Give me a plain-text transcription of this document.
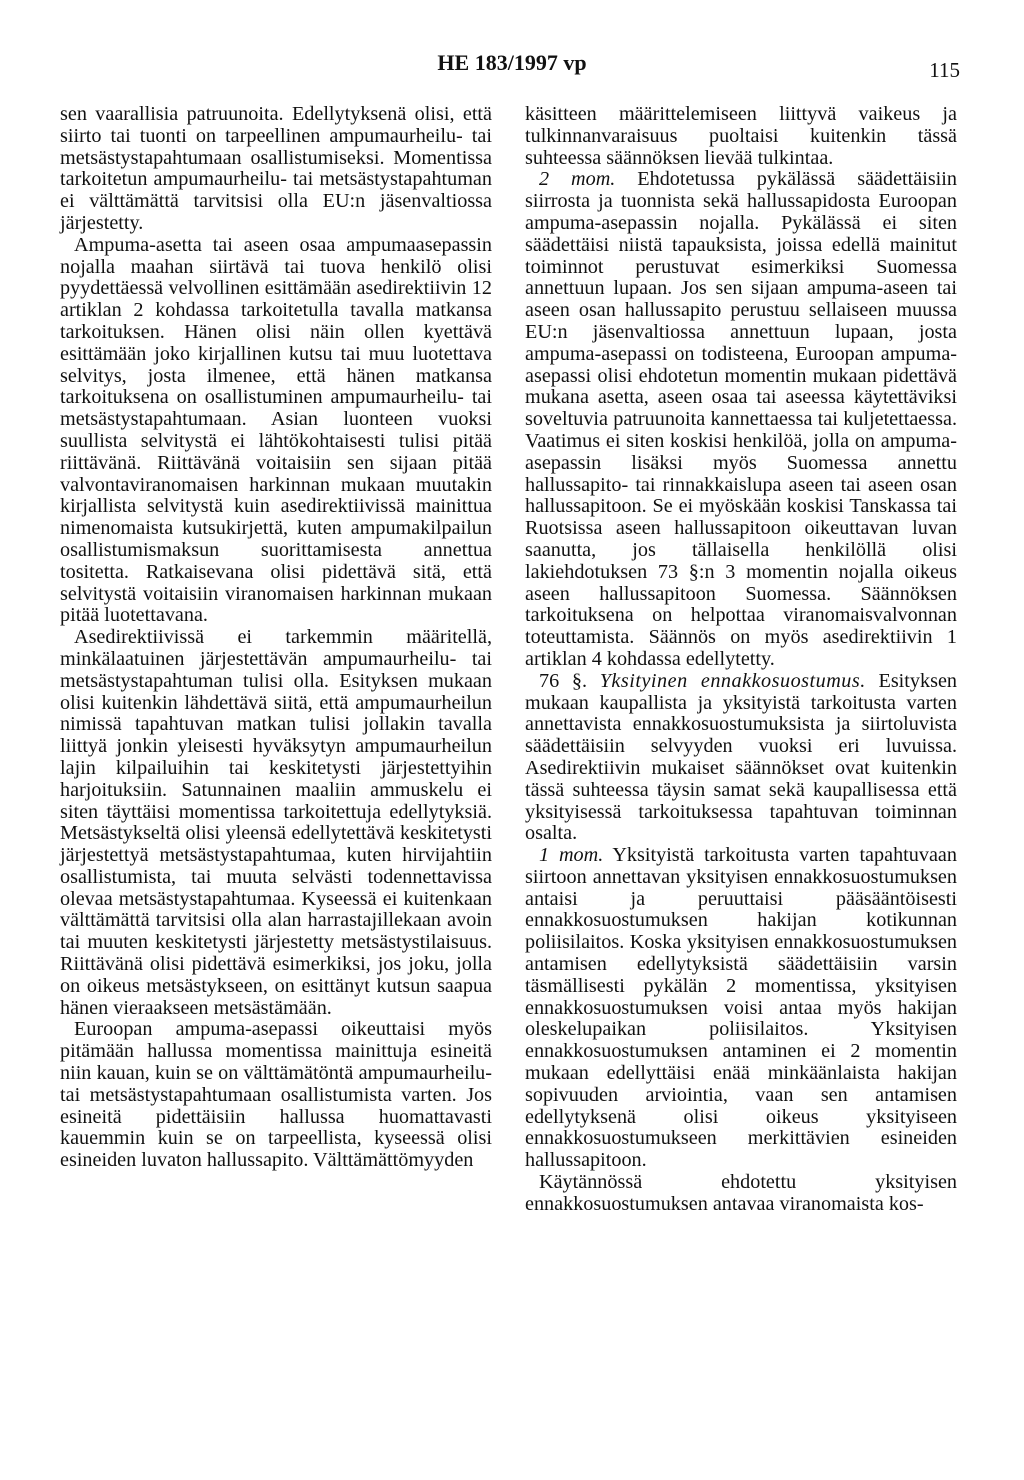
HE 183/1997 vp	115

sen vaarallisia patruunoita. Edellytyksenä olisi, että siirto tai tuonti on tarpeellinen ampumaurheilu- tai metsästystapahtumaan osallistumiseksi. Momentissa tarkoitetun ampumaurheilu- tai metsästystapahtuman ei välttämättä tarvitsisi olla EU:n jäsenvaltiossa järjestetty.

Ampuma-asetta tai aseen osaa ampumaasepassin nojalla maahan siirtävä tai tuova henkilö olisi pyydettäessä velvollinen esittämään asedirektiivin 12 artiklan 2 kohdassa tarkoitetulla tavalla matkansa tarkoituksen. Hänen olisi näin ollen kyettävä esittämään joko kirjallinen kutsu tai muu luotettava selvitys, josta ilmenee, että hänen matkansa tarkoituksena on osallistuminen ampumaurheilu- tai metsästystapahtumaan. Asian luonteen vuoksi suullista selvitystä ei lähtökohtaisesti tulisi pitää riittävänä. Riittävänä voitaisiin sen sijaan pitää valvontaviranomaisen harkinnan mukaan muutakin kirjallista selvitystä kuin asedirektiivissä mainittua nimenomaista kutsukirjettä, kuten ampumakilpailun osallistumismaksun suorittamisesta annettua tositetta. Ratkaisevana olisi pidettävä sitä, että selvitystä voitaisiin viranomaisen harkinnan mukaan pitää luotettavana.

Asedirektiivissä ei tarkemmin määritellä, minkälaatuinen järjestettävän ampumaurheilu- tai metsästystapahtuman tulisi olla. Esityksen mukaan olisi kuitenkin lähdettävä siitä, että ampumaurheilun nimissä tapahtuvan matkan tulisi jollakin tavalla liittyä jonkin yleisesti hyväksytyn ampumaurheilun lajin kilpailuihin tai keskitetysti järjestettyihin harjoituksiin. Satunnainen maaliin ammuskelu ei siten täyttäisi momentissa tarkoitettuja edellytyksiä. Metsästykseltä olisi yleensä edellytettävä keskitetysti järjestettyä metsästystapahtumaa, kuten hirvijahtiin osallistumista, tai muuta selvästi todennettavissa olevaa metsästystapahtumaa. Kyseessä ei kuitenkaan välttämättä tarvitsisi olla alan harrastajillekaan avoin tai muuten keskitetysti järjestetty metsästystilaisuus. Riittävänä olisi pidettävä esimerkiksi, jos joku, jolla on oikeus metsästykseen, on esittänyt kutsun saapua hänen vieraakseen metsästämään.

Euroopan ampuma-asepassi oikeuttaisi myös pitämään hallussa momentissa mainittuja esineitä niin kauan, kuin se on välttämätöntä ampumaurheilu- tai metsästystapahtumaan osallistumista varten. Jos esineitä pidettäisiin hallussa huomattavasti kauemmin kuin se on tarpeellista, kyseessä olisi esineiden luvaton hallussapito. Välttämättömyyden

käsitteen määrittelemiseen liittyvä vaikeus ja tulkinnanvaraisuus puoltaisi kuitenkin tässä suhteessa säännöksen lievää tulkintaa.

2 mom. Ehdotetussa pykälässä säädettäisiin siirrosta ja tuonnista sekä hallussapidosta Euroopan ampuma-asepassin nojalla. Pykälässä ei siten säädettäisi niistä tapauksista, joissa edellä mainitut toiminnot perustuvat esimerkiksi Suomessa annettuun lupaan. Jos sen sijaan ampuma-aseen tai aseen osan hallussapito perustuu sellaiseen muussa EU:n jäsenvaltiossa annettuun lupaan, josta ampuma-asepassi on todisteena, Euroopan ampuma-asepassi olisi ehdotetun momentin mukaan pidettävä mukana asetta, aseen osaa tai aseessa käytettäviksi soveltuvia patruunoita kannettaessa tai kuljetettaessa. Vaatimus ei siten koskisi henkilöä, jolla on ampuma-asepassin lisäksi myös Suomessa annettu hallussapito- tai rinnakkaislupa aseen tai aseen osan hallussapitoon. Se ei myöskään koskisi Tanskassa tai Ruotsissa aseen hallussapitoon oikeuttavan luvan saanutta, jos tällaisella henkilöllä olisi lakiehdotuksen 73 §:n 3 momentin nojalla oikeus aseen hallussapitoon Suomessa. Säännöksen tarkoituksena on helpottaa viranomaisvalvonnan toteuttamista. Säännös on myös asedirektiivin 1 artiklan 4 kohdassa edellytetty.

76 §. Yksityinen ennakkosuostumus. Esityksen mukaan kaupallista ja yksityistä tarkoitusta varten annettavista ennakkosuostumuksista ja siirtoluvista säädettäisiin selvyyden vuoksi eri luvuissa. Asedirektiivin mukaiset säännökset ovat kuitenkin tässä suhteessa täysin samat sekä kaupallisessa että yksityisessä tarkoituksessa tapahtuvan toiminnan osalta.

1 mom. Yksityistä tarkoitusta varten tapahtuvaan siirtoon annettavan yksityisen ennakkosuostumuksen antaisi ja peruuttaisi pääsääntöisesti ennakkosuostumuksen hakijan kotikunnan poliisilaitos. Koska yksityisen ennakkosuostumuksen antamisen edellytyksistä säädettäisiin varsin täsmällisesti pykälän 2 momentissa, yksityisen ennakkosuostumuksen voisi antaa myös hakijan oleskelupaikan poliisilaitos. Yksityisen ennakkosuostumuksen antaminen ei 2 momentin mukaan edellyttäisi enää minkäänlaista hakijan sopivuuden arviointia, vaan sen antamisen edellytyksenä olisi oikeus yksityiseen ennakkosuostumukseen merkittävien esineiden hallussapitoon.

Käytännössä ehdotettu yksityisen ennakkosuostumuksen antavaa viranomaista kos-
